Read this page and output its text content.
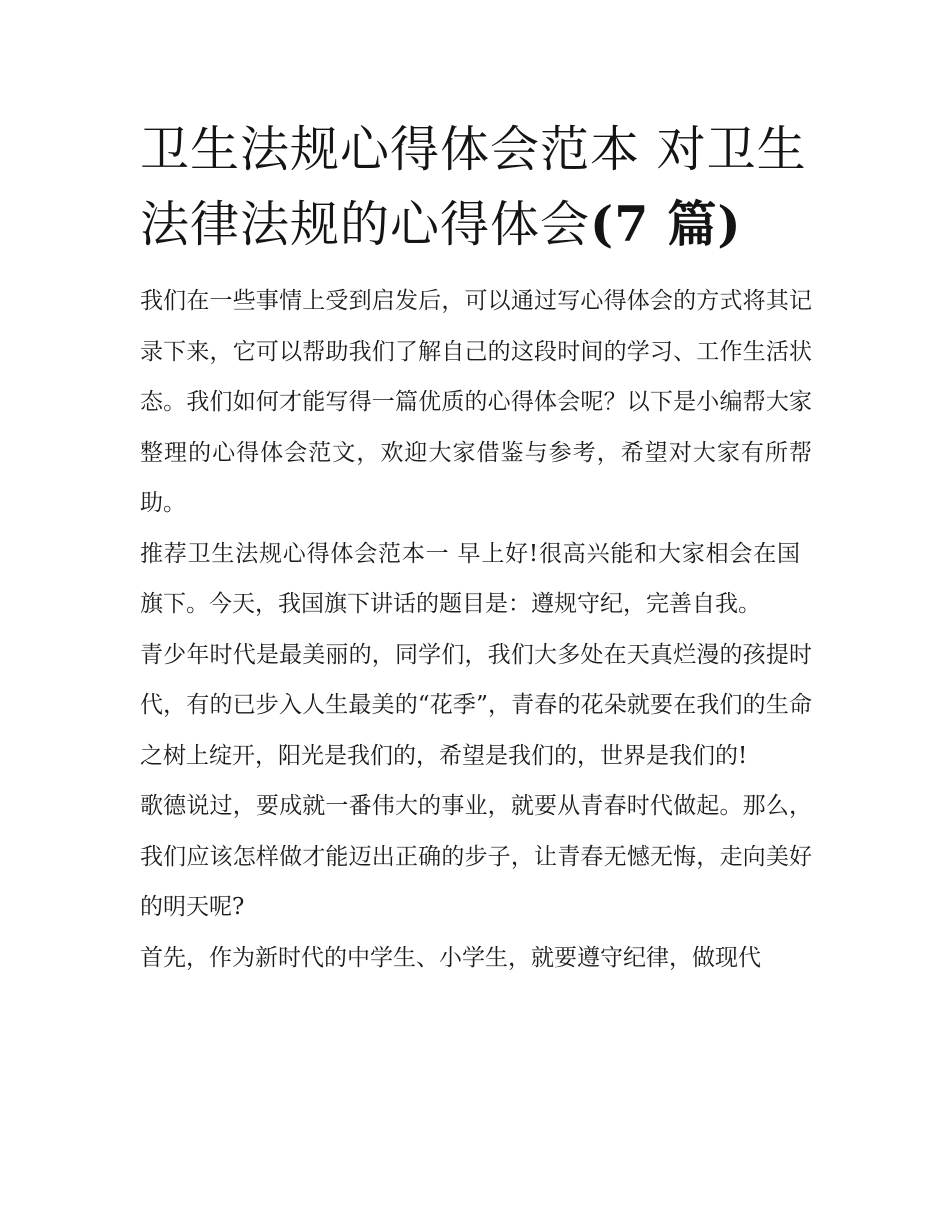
卫生法规心得体会范本 对卫生法律法规的心得体会(7 篇)

我们在一些事情上受到启发后，可以通过写心得体会的方式将其记录下来，它可以帮助我们了解自己的这段时间的学习、工作生活状态。我们如何才能写得一篇优质的心得体会呢？以下是小编帮大家整理的心得体会范文，欢迎大家借鉴与参考，希望对大家有所帮助。

推荐卫生法规心得体会范本一 早上好!很高兴能和大家相会在国旗下。今天，我国旗下讲话的题目是：遵规守纪，完善自我。

青少年时代是最美丽的，同学们，我们大多处在天真烂漫的孩提时代，有的已步入人生最美的“花季”，青春的花朵就要在我们的生命之树上绽开，阳光是我们的，希望是我们的，世界是我们的!

歌德说过，要成就一番伟大的事业，就要从青春时代做起。那么，我们应该怎样做才能迈出正确的步子，让青春无憾无悔，走向美好的明天呢?

首先，作为新时代的中学生、小学生，就要遵守纪律，做现代
